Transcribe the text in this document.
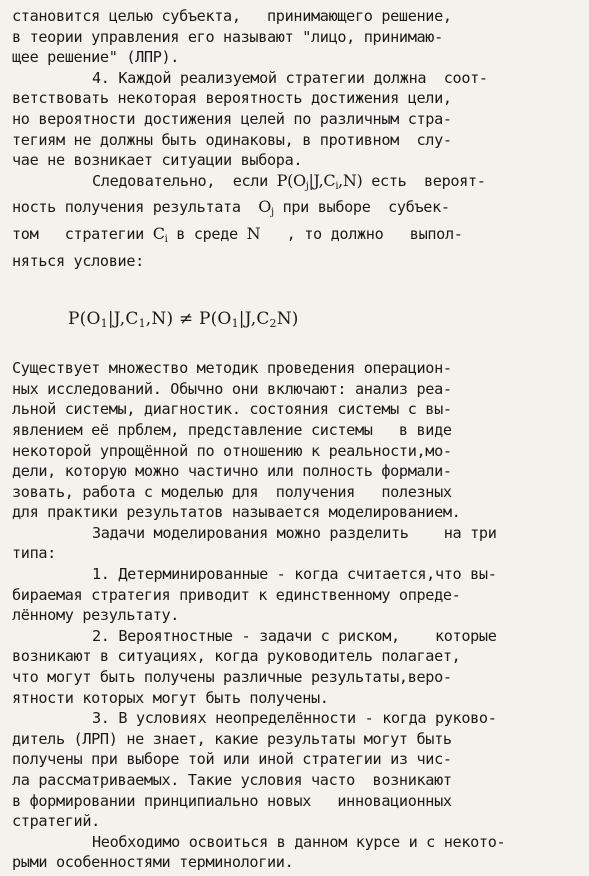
становится целью субъекта,   принимающего решение,
в теории управления его называют "лицо, принимаю-
щее решение" (ЛПР).
4. Каждой реализуемой стратегии должна  соот-
ветствовать некоторая вероятность достижения цели,
но вероятности достижения целей по различным стра-
тегиям не должны быть одинаковы, в противном  слу-
чае не возникает ситуации выбора.
Следовательно,  если $P(O_j|J,C_i,N)$ есть  вероят-
ность получения результата  $O_j$ при выборе  субъек-
том   стратегии $C_i$ в среде N   , то должно   выпол-
няться условие:
$P(O_1|J,C_1,N) \ne P(O_1|J,C_2N)$
Существует множество методик проведения операцион-
ных исследований. Обычно они включают: анализ реа-
льной системы, диагностик. состояния системы с вы-
явлением её прблем, представление системы   в виде
некоторой упрощённой по отношению к реальности,мо-
дели, которую можно частично или полность формали-
зовать, работа с моделью для  получения   полезных
для практики результатов называется моделированием.
Задачи моделирования можно разделить    на три
типа:
1. Детерминированные - когда считается,что вы-
бираемая стратегия приводит к единственному опреде-
лённому результату.
2. Вероятностные - задачи с риском,    которые
возникают в ситуациях, когда руководитель полагает,
что могут быть получены различные результаты,веро-
ятности которых могут быть получены.
3. В условиях неопределённости - когда руково-
дитель (ЛРП) не знает, какие результаты могут быть
получены при выборе той или иной стратегии из чис-
ла рассматриваемых. Такие условия часто  возникают
в формировании принципиально новых   инновационных
стратегий.
Необходимо освоиться в данном курсе и с некото-
рыми особенностями терминологии.
